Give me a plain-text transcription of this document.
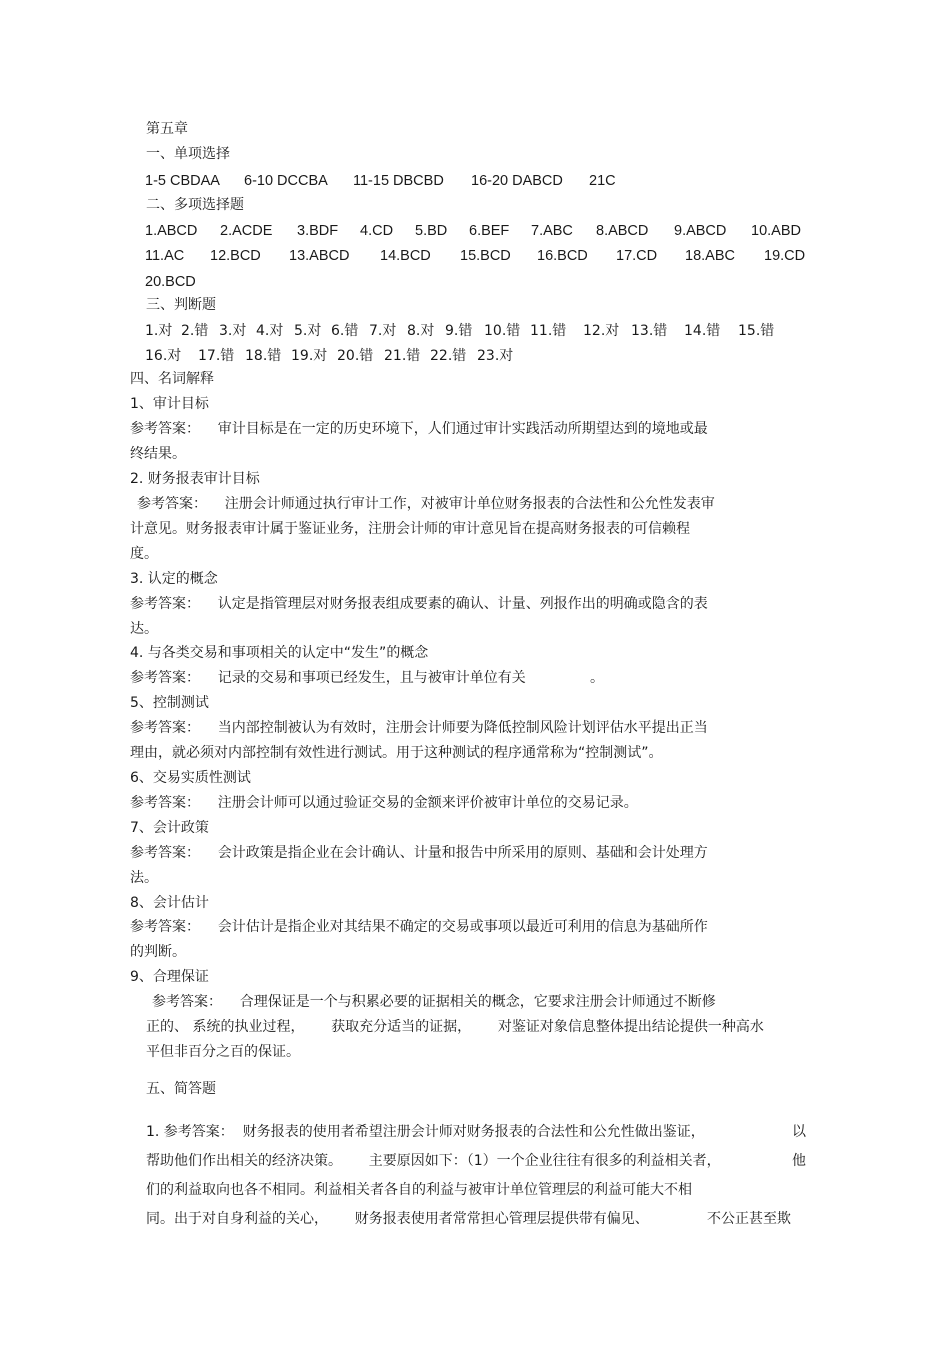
第五章
一、单项选择
1-5 CBDAA 6-10 DCCBA 11-15 DBCBD 16-20 DABCD 21C
二、多项选择题
1.ABCD 2.ACDE 3.BDF 4.CD 5.BD 6.BEF 7.ABC 8.ABCD 9.ABCD 10.ABD
11.AC 12.BCD 13.ABCD 14.BCD 15.BCD 16.BCD 17.CD 18.ABC 19.CD
20.BCD
三、判断题
1.对 2.错 3.对 4.对 5.对 6.错 7.对 8.对 9.错 10.错 11.错 12.对 13.错 14.错 15.错
16.对 17.错 18.错 19.对 20.错 21.错 22.错 23.对
四、名词解释
1、审计目标
参考答案：    审计目标是在一定的历史环境下，人们通过审计实践活动所期望达到的境地或最
终结果。
2. 财务报表审计目标
参考答案：    注册会计师通过执行审计工作，对被审计单位财务报表的合法性和公允性发表审
计意见。财务报表审计属于鉴证业务，注册会计师的审计意见旨在提高财务报表的可信赖程
度。
3. 认定的概念
参考答案：    认定是指管理层对财务报表组成要素的确认、计量、列报作出的明确或隐含的表
达。
4. 与各类交易和事项相关的认定中“发生”的概念
参考答案：    记录的交易和事项已经发生，且与被审计单位有关	。
5、控制测试
参考答案：    当内部控制被认为有效时，注册会计师要为降低控制风险计划评估水平提出正当
理由，就必须对内部控制有效性进行测试。用于这种测试的程序通常称为“控制测试”。
6、交易实质性测试
参考答案：    注册会计师可以通过验证交易的金额来评价被审计单位的交易记录。
7、会计政策
参考答案：    会计政策是指企业在会计确认、计量和报告中所采用的原则、基础和会计处理方
法。
8、会计估计
参考答案：    会计估计是指企业对其结果不确定的交易或事项以最近可利用的信息为基础所作
的判断。
9、合理保证
参考答案：    合理保证是一个与积累必要的证据相关的概念，它要求注册会计师通过不断修
正的、 系统的执业过程，      获取充分适当的证据，      对鉴证对象信息整体提出结论提供一种高水
平但非百分之百的保证。
五、简答题
1. 参考答案：  财务报表的使用者希望注册会计师对财务报表的合法性和公允性做出鉴证，	以
帮助他们作出相关的经济决策。      主要原因如下：（1）一个企业往往有很多的利益相关者，	他
们的利益取向也各不相同。利益相关者各自的利益与被审计单位管理层的利益可能大不相
同。出于对自身利益的关心，      财务报表使用者常常担心管理层提供带有偏见、	不公正甚至欺
